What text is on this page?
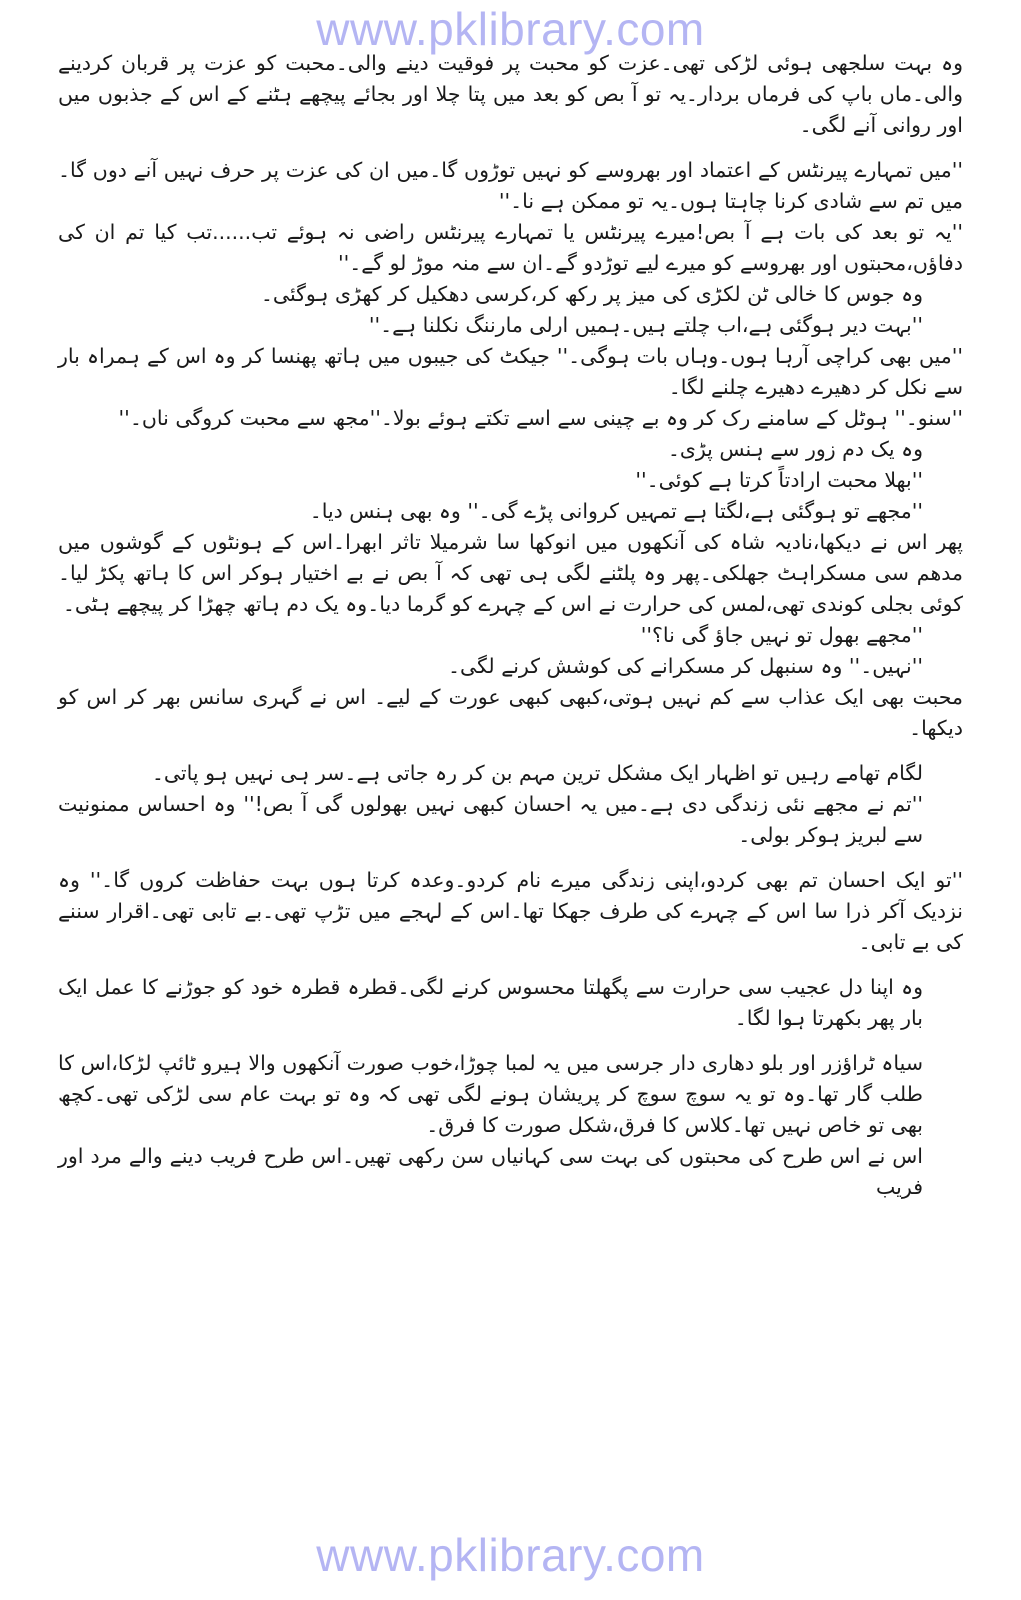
www.pklibrary.com

وہ بہت سلجھی ہوئی لڑکی تھی۔عزت کو محبت پر فوقیت دینے والی۔محبت کو عزت پر قربان کردینے والی۔ماں باپ کی فرماں بردار۔یہ تو آ بص کو بعد میں پتا چلا اور بجائے پیچھے ہٹنے کے اس کے جذبوں میں اور روانی آنے لگی۔

''میں تمہارے پیرنٹس کے اعتماد اور بھروسے کو نہیں توڑوں گا۔میں ان کی عزت پر حرف نہیں آنے دوں گا۔میں تم سے شادی کرنا چاہتا ہوں۔یہ تو ممکن ہے نا۔''

''یہ تو بعد کی بات ہے آ بص!میرے پیرنٹس یا تمہارے پیرنٹس راضی نہ ہوئے تب......تب کیا تم ان کی دفاؤں،محبتوں اور بھروسے کو میرے لیے توڑدو گے۔ان سے منہ موڑ لو گے۔''

وہ جوس کا خالی ٹن لکڑی کی میز پر رکھ کر،کرسی دھکیل کر کھڑی ہوگئی۔

''بہت دیر ہوگئی ہے،اب چلتے ہیں۔ہمیں ارلی مارننگ نکلنا ہے۔''

''میں بھی کراچی آرہا ہوں۔وہاں بات ہوگی۔'' جیکٹ کی جیبوں میں ہاتھ پھنسا کر وہ اس کے ہمراہ بار سے نکل کر دھیرے دھیرے چلنے لگا۔

''سنو۔'' ہوٹل کے سامنے رک کر وہ بے چینی سے اسے تکتے ہوئے بولا۔''مجھ سے محبت کروگی ناں۔''

وہ یک دم زور سے ہنس پڑی۔

''بھلا محبت ارادتاً کرتا ہے کوئی۔''

''مجھے تو ہوگئی ہے،لگتا ہے تمہیں کروانی پڑے گی۔'' وہ بھی ہنس دیا۔

پھر اس نے دیکھا،نادیہ شاہ کی آنکھوں میں انوکھا سا شرمیلا تاثر ابھرا۔اس کے ہونٹوں کے گوشوں میں مدھم سی مسکراہٹ جھلکی۔پھر وہ پلٹنے لگی ہی تھی کہ آ بص نے بے اختیار ہوکر اس کا ہاتھ پکڑ لیا۔کوئی بجلی کوندی تھی،لمس کی حرارت نے اس کے چہرے کو گرما دیا۔وہ یک دم ہاتھ چھڑا کر پیچھے ہٹی۔

''مجھے بھول تو نہیں جاؤ گی نا؟''

''نہیں۔'' وہ سنبھل کر مسکرانے کی کوشش کرنے لگی۔

محبت بھی ایک عذاب سے کم نہیں ہوتی،کبھی کبھی عورت کے لیے۔ اس نے گہری سانس بھر کر اس کو دیکھا۔

لگام تھامے رہیں تو اظہار ایک مشکل ترین مہم بن کر رہ جاتی ہے۔سر ہی نہیں ہو پاتی۔

''تم نے مجھے نئی زندگی دی ہے۔میں یہ احسان کبھی نہیں بھولوں گی آ بص!'' وہ احساس ممنونیت سے لبریز ہوکر بولی۔

''تو ایک احسان تم بھی کردو،اپنی زندگی میرے نام کردو۔وعدہ کرتا ہوں بہت حفاظت کروں گا۔'' وہ نزدیک آکر ذرا سا اس کے چہرے کی طرف جھکا تھا۔اس کے لہجے میں تڑپ تھی۔بے تابی تھی۔اقرار سننے کی بے تابی۔

وہ اپنا دل عجیب سی حرارت سے پگھلتا محسوس کرنے لگی۔قطرہ قطرہ خود کو جوڑنے کا عمل ایک بار پھر بکھرتا ہوا لگا۔

سیاہ ٹراؤزر اور بلو دھاری دار جرسی میں یہ لمبا چوڑا،خوب صورت آنکھوں والا ہیرو ٹائپ لڑکا،اس کا طلب گار تھا۔وہ تو یہ سوچ سوچ کر پریشان ہونے لگی تھی کہ وہ تو بہت عام سی لڑکی تھی۔کچھ بھی تو خاص نہیں تھا۔کلاس کا فرق،شکل صورت کا فرق۔

اس نے اس طرح کی محبتوں کی بہت سی کہانیاں سن رکھی تھیں۔اس طرح فریب دینے والے مرد اور فریب

www.pklibrary.com
